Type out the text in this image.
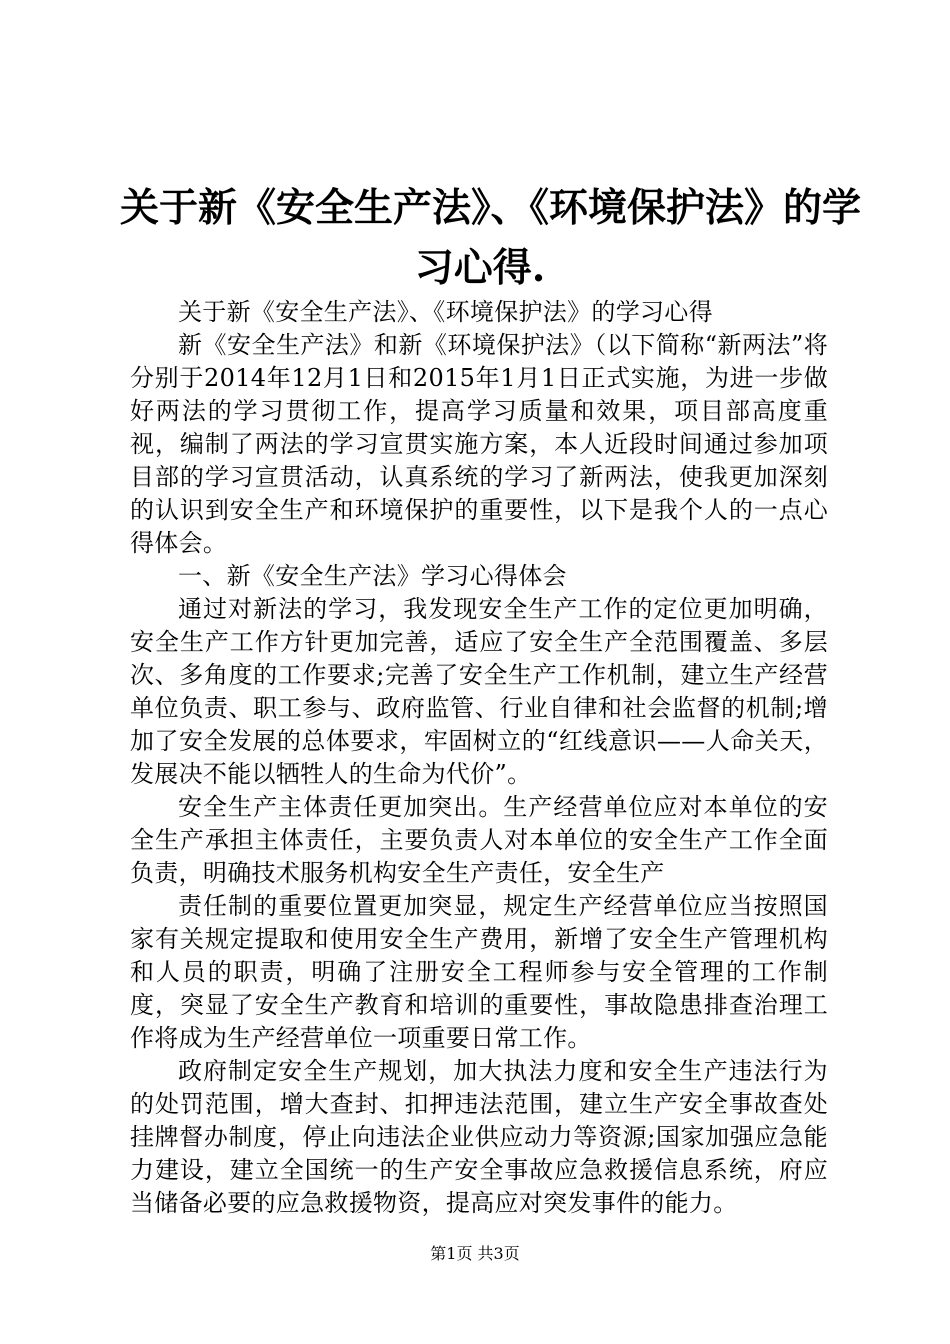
关于新《安全生产法》、《环境保护法》的学
习心得.

关于新《安全生产法》、《环境保护法》的学习心得

新《安全生产法》和新《环境保护法》（以下简称“新两法”将分别于2014年12月1日和2015年1月1日正式实施，为进一步做好两法的学习贯彻工作，提高学习质量和效果，项目部高度重视，编制了两法的学习宣贯实施方案，本人近段时间通过参加项目部的学习宣贯活动，认真系统的学习了新两法，使我更加深刻的认识到安全生产和环境保护的重要性，以下是我个人的一点心得体会。

一、新《安全生产法》学习心得体会

通过对新法的学习，我发现安全生产工作的定位更加明确，安全生产工作方针更加完善，适应了安全生产全范围覆盖、多层次、多角度的工作要求;完善了安全生产工作机制，建立生产经营单位负责、职工参与、政府监管、行业自律和社会监督的机制;增加了安全发展的总体要求，牢固树立的“红线意识——人命关天，发展决不能以牺牲人的生命为代价”。

安全生产主体责任更加突出。生产经营单位应对本单位的安全生产承担主体责任，主要负责人对本单位的安全生产工作全面负责，明确技术服务机构安全生产责任，安全生产

责任制的重要位置更加突显，规定生产经营单位应当按照国家有关规定提取和使用安全生产费用，新增了安全生产管理机构和人员的职责，明确了注册安全工程师参与安全管理的工作制度，突显了安全生产教育和培训的重要性，事故隐患排查治理工作将成为生产经营单位一项重要日常工作。

政府制定安全生产规划，加大执法力度和安全生产违法行为的处罚范围，增大查封、扣押违法范围，建立生产安全事故查处挂牌督办制度，停止向违法企业供应动力等资源;国家加强应急能力建设，建立全国统一的生产安全事故应急救援信息系统，府应当储备必要的应急救援物资，提高应对突发事件的能力。

第1页 共3页
